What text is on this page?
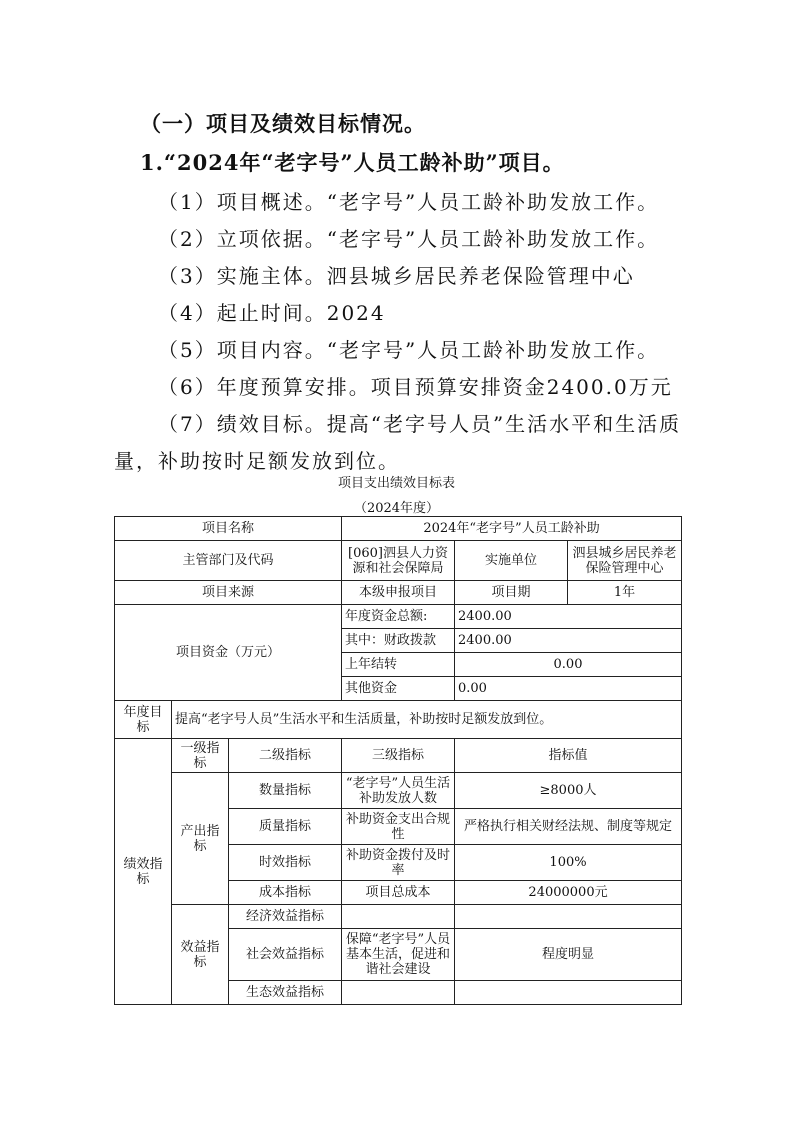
（一）项目及绩效目标情况。
1.“2024年“老字号”人员工龄补助”项目。
（1）项目概述。“老字号”人员工龄补助发放工作。
（2）立项依据。“老字号”人员工龄补助发放工作。
（3）实施主体。泗县城乡居民养老保险管理中心
（4）起止时间。2024
（5）项目内容。“老字号”人员工龄补助发放工作。
（6）年度预算安排。项目预算安排资金2400.0万元
（7）绩效目标。提高“老字号人员”生活水平和生活质
量，补助按时足额发放到位。
项目支出绩效目标表
（2024年度）
项目名称			2024年“老字号”人员工龄补助		
主管部门及代码			[060]泗县人力资源和社会保障局	实施单位	泗县城乡居民养老保险管理中心
项目来源			本级申报项目	项目期	1年
项目资金（万元）			年度资金总额:	2400.00	
			其中：财政拨款	2400.00	
			上年结转	0.00	
			其他资金	0.00	
年度目标	提高“老字号人员”生活水平和生活质量，补助按时足额发放到位。				
绩效指标	一级指标	二级指标	三级指标	指标值	
	产出指标	数量指标	“老字号”人员生活补助发放人数	≥8000人	
		质量指标	补助资金支出合规性	严格执行相关财经法规、制度等规定	
		时效指标	补助资金拨付及时率	100%	
		成本指标	项目总成本	24000000元	
	效益指标	经济效益指标			
		社会效益指标	保障“老字号”人员基本生活，促进和谐社会建设	程度明显	
		生态效益指标			
